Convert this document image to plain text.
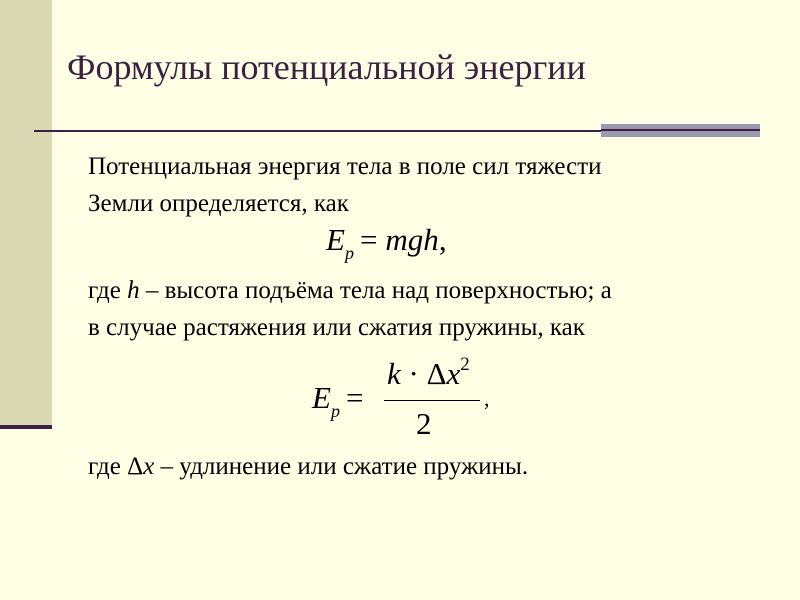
Формулы потенциальной энергии
Потенциальная энергия тела в поле сил тяжести
Земли определяется, как
$E_p$ = mgh,
где h – высота подъёма тела над поверхностью; а
в случае растяжения или сжатия пружины, как
$E_p$ =
$k \cdot \Delta x^2$
2
,
где Δx – удлинение или сжатие пружины.
